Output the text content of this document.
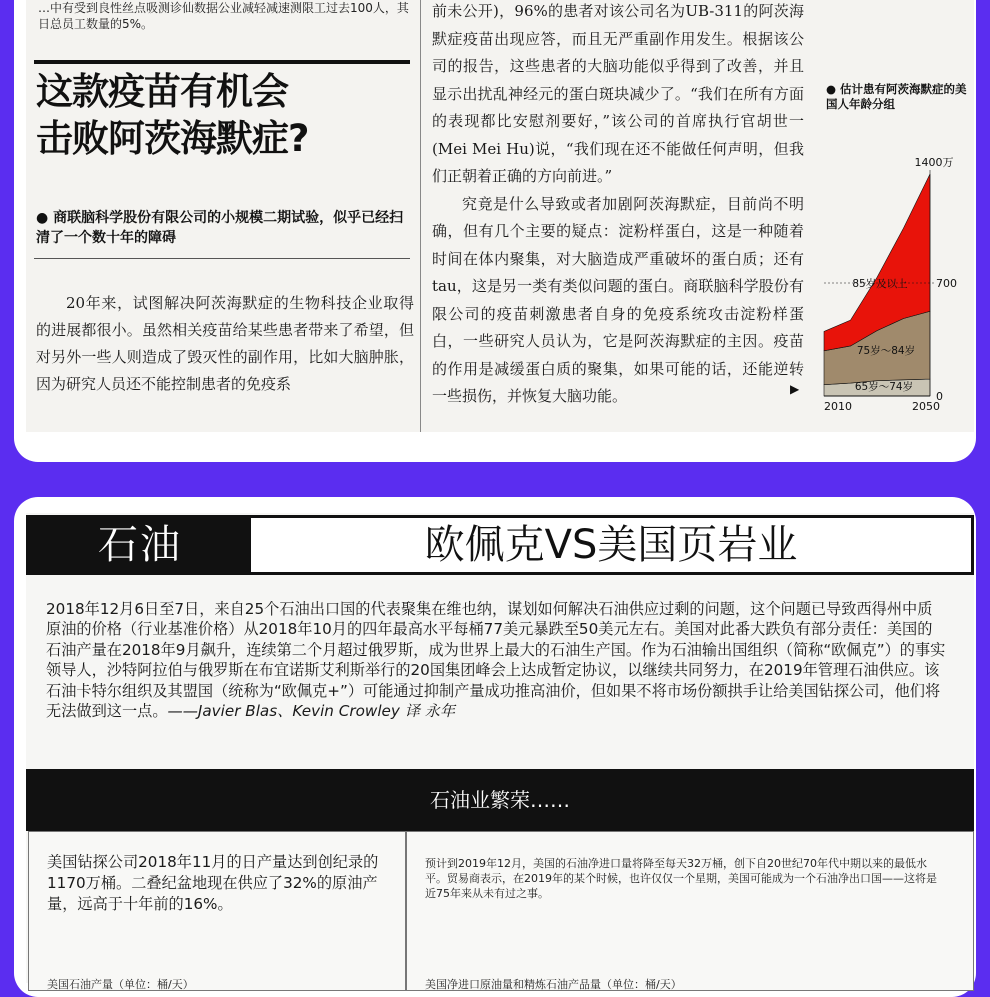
…中有受到良性丝点吸测诊仙数据公业减轻减速测限工过去100人，其日总员工数量的5%。
这款疫苗有机会
击败阿茨海默症?
● 商联脑科学股份有限公司的小规模二期试验，似乎已经扫清了一个数十年的障碍
20年来，试图解决阿茨海默症的生物科技企业取得的进展都很小。虽然相关疫苗给某些患者带来了希望，但对另外一些人则造成了毁灭性的副作用，比如大脑肿胀，因为研究人员还不能控制患者的免疫系

前未公开)，96%的患者对该公司名为UB-311的阿茨海默症疫苗出现应答，而且无严重副作用发生。根据该公司的报告，这些患者的大脑功能似乎得到了改善，并且显示出扰乱神经元的蛋白斑块减少了。“我们在所有方面的表现都比安慰剂要好，”该公司的首席执行官胡世一(Mei Mei Hu)说，“我们现在还不能做任何声明，但我们正朝着正确的方向前进。”

究竟是什么导致或者加剧阿茨海默症，目前尚不明确，但有几个主要的疑点：淀粉样蛋白，这是一种随着时间在体内聚集，对大脑造成严重破坏的蛋白质；还有tau，这是另一类有类似问题的蛋白。商联脑科学股份有限公司的疫苗刺激患者自身的免疫系统攻击淀粉样蛋白，一些研究人员认为，它是阿茨海默症的主因。疫苗的作用是减缓蛋白质的聚集，如果可能的话，还能逆转一些损伤，并恢复大脑功能。	▶
● 估计患有阿茨海默症的美国人年龄分组
1400万
700
0
2010	2050
65岁～74岁
75岁～84岁
85岁及以上
石油	欧佩克VS美国页岩业
2018年12月6日至7日，来自25个石油出口国的代表聚集在维也纳，谋划如何解决石油供应过剩的问题，这个问题已导致西得州中质原油的价格（行业基准价格）从2018年10月的四年最高水平每桶77美元暴跌至50美元左右。美国对此番大跌负有部分责任：美国的石油产量在2018年9月飙升，连续第二个月超过俄罗斯，成为世界上最大的石油生产国。作为石油输出国组织（简称“欧佩克”）的事实领导人，沙特阿拉伯与俄罗斯在布宜诺斯艾利斯举行的20国集团峰会上达成暂定协议，以继续共同努力，在2019年管理石油供应。该石油卡特尔组织及其盟国（统称为“欧佩克+”）可能通过抑制产量成功推高油价，但如果不将市场份额拱手让给美国钻探公司，他们将无法做到这一点。——Javier Blas、Kevin Crowley 译 永年
石油业繁荣……
美国钻探公司2018年11月的日产量达到创纪录的1170万桶。二叠纪盆地现在供应了32%的原油产量，远高于十年前的16%。
美国石油产量（单位：桶/天）
预计到2019年12月，美国的石油净进口量将降至每天32万桶，创下自20世纪70年代中期以来的最低水平。贸易商表示，在2019年的某个时候，也许仅仅一个星期，美国可能成为一个石油净出口国——这将是近75年来从未有过之事。
美国净进口原油量和精炼石油产品量（单位：桶/天）
